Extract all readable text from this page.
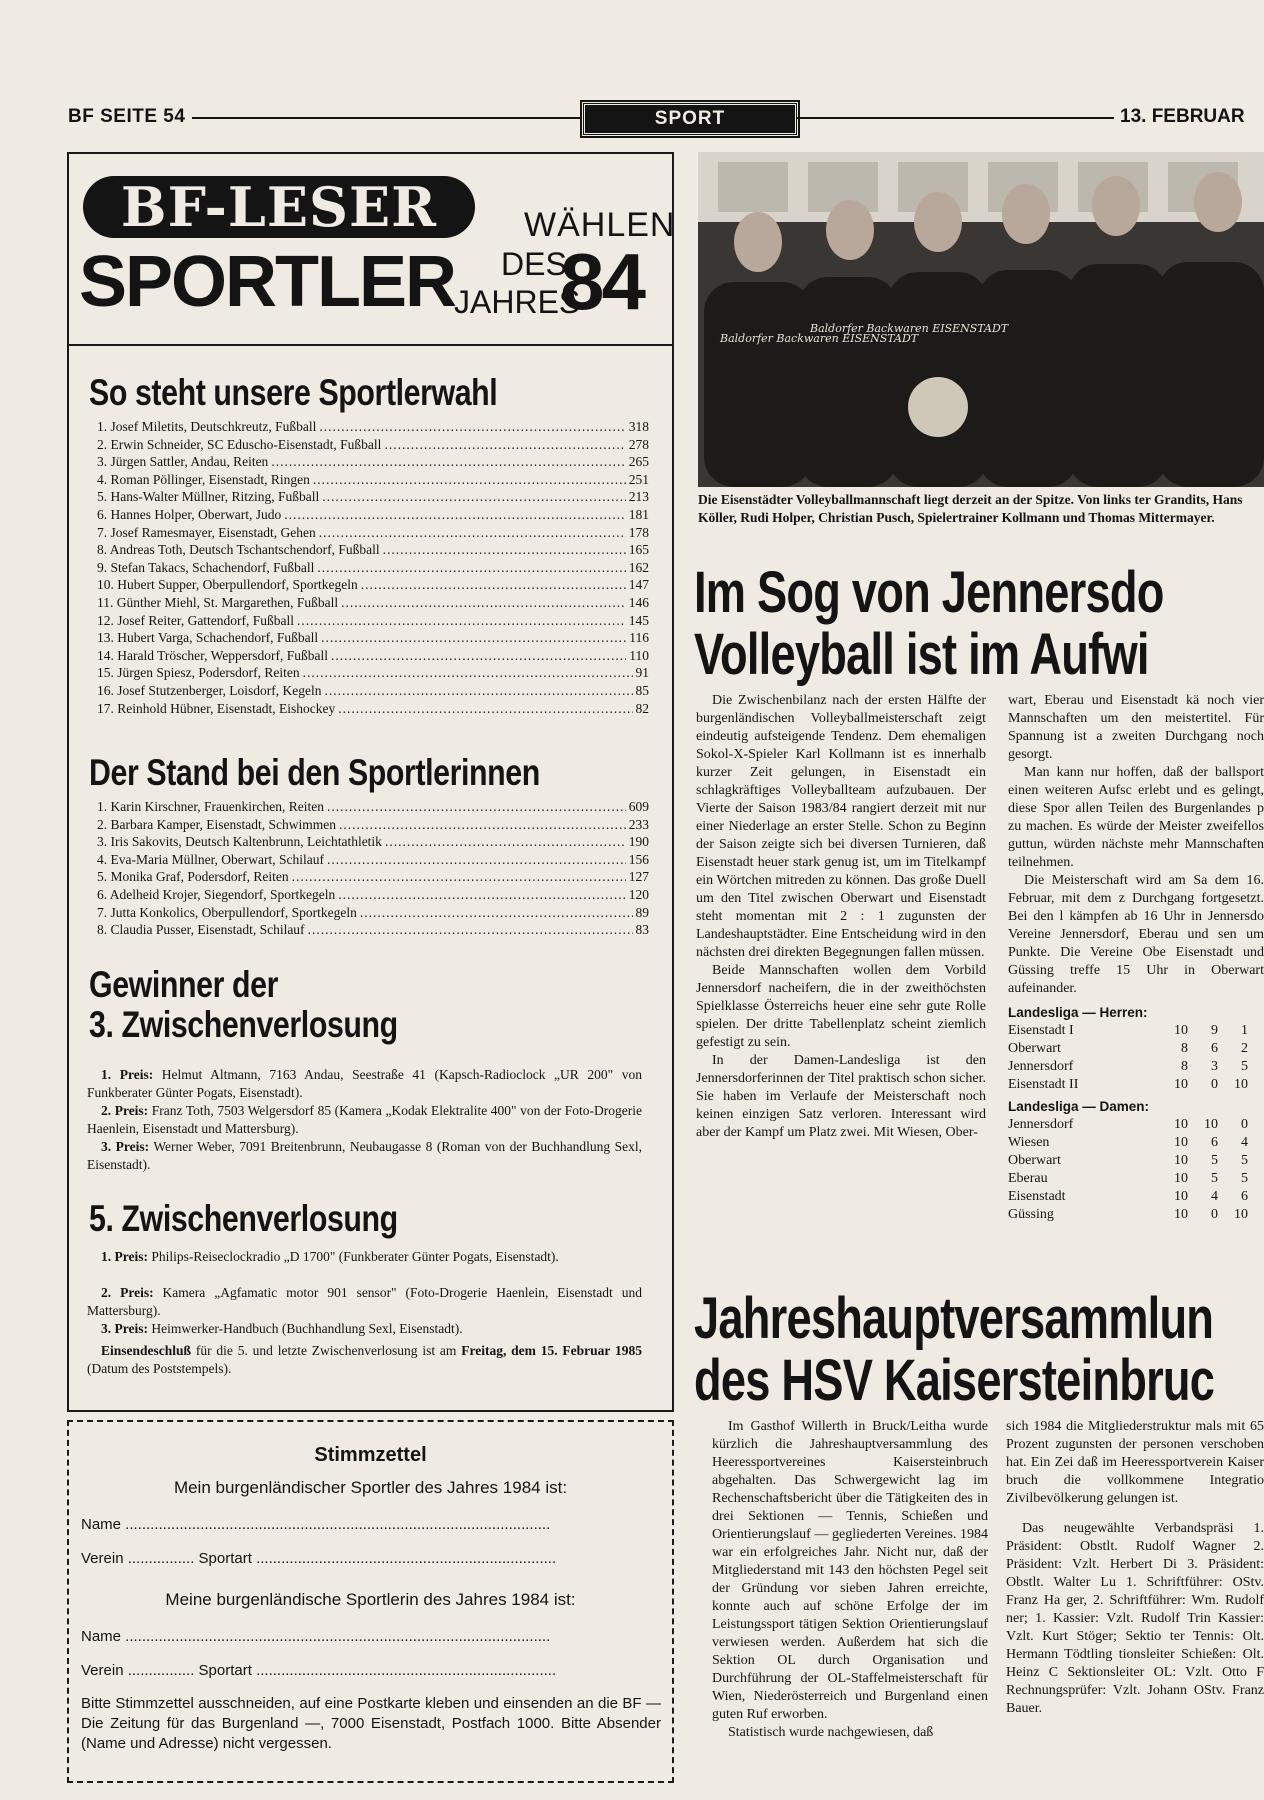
BF SEITE 54	SPORT	13. FEBRUAR
BF-LESER	WÄHLEN
SPORTLER DES
JAHRES
84
So steht unsere Sportlerwahl
1. Josef Miletits, Deutschkreutz, Fußball .....	318
2. Erwin Schneider, SC Eduscho-Eisenstadt, Fußball .....	278
3. Jürgen Sattler, Andau, Reiten .....	265
4. Roman Pöllinger, Eisenstadt, Ringen .....	251
5. Hans-Walter Müllner, Ritzing, Fußball .....	213
6. Hannes Holper, Oberwart, Judo .....	181
7. Josef Ramesmayer, Eisenstadt, Gehen .....	178
8. Andreas Toth, Deutsch Tschantschendorf, Fußball .....	165
9. Stefan Takacs, Schachendorf, Fußball .....	162
10. Hubert Supper, Oberpullendorf, Sportkegeln .....	147
11. Günther Miehl, St. Margarethen, Fußball .....	146
12. Josef Reiter, Gattendorf, Fußball .....	145
13. Hubert Varga, Schachendorf, Fußball .....	116
14. Harald Tröscher, Weppersdorf, Fußball .....	110
15. Jürgen Spiesz, Podersdorf, Reiten .....	91
16. Josef Stutzenberger, Loisdorf, Kegeln .....	85
17. Reinhold Hübner, Eisenstadt, Eishockey .....	82
Der Stand bei den Sportlerinnen
1. Karin Kirschner, Frauenkirchen, Reiten .....	609
2. Barbara Kamper, Eisenstadt, Schwimmen .....	233
3. Iris Sakovits, Deutsch Kaltenbrunn, Leichtathletik .....	190
4. Eva-Maria Müllner, Oberwart, Schilauf .....	156
5. Monika Graf, Podersdorf, Reiten .....	127
6. Adelheid Krojer, Siegendorf, Sportkegeln .....	120
7. Jutta Konkolics, Oberpullendorf, Sportkegeln .....	89
8. Claudia Pusser, Eisenstadt, Schilauf .....	83
Gewinner der
3. Zwischenverlosung

1. Preis: Helmut Altmann, 7163 Andau, Seestraße 41 (Kapsch-Radioclock „UR 200" von Funkberater Günter Pogats, Eisenstadt).

2. Preis: Franz Toth, 7503 Welgersdorf 85 (Kamera „Kodak Elektralite 400" von der Foto-Drogerie Haenlein, Eisenstadt und Mattersburg).

3. Preis: Werner Weber, 7091 Breitenbrunn, Neubaugasse 8 (Roman von der Buchhandlung Sexl, Eisenstadt).

5. Zwischenverlosung

1. Preis: Philips-Reiseclockradio „D 1700" (Funkberater Günter Pogats, Eisenstadt).

2. Preis: Kamera „Agfamatic motor 901 sensor" (Foto-Drogerie Haenlein, Eisenstadt und Mattersburg).

3. Preis: Heimwerker-Handbuch (Buchhandlung Sexl, Eisenstadt).

Einsendeschluß für die 5. und letzte Zwischenverlosung ist am Freitag, dem 15. Februar 1985 (Datum des Poststempels).

Stimmzettel
Mein burgenländischer Sportler des Jahres 1984 ist:
Name ......................................................................................................
Verein ................ Sportart ........................................................................
Meine burgenländische Sportlerin des Jahres 1984 ist:
Name ......................................................................................................
Verein ................ Sportart ........................................................................
Bitte Stimmzettel ausschneiden, auf eine Postkarte kleben und einsenden an die BF — Die Zeitung für das Burgenland —, 7000 Eisenstadt, Postfach 1000. Bitte Absender (Name und Adresse) nicht vergessen.
Baldorfer Backwaren EISENSTADT
Baldorfer Backwaren EISENSTADT
Die Eisenstädter Volleyballmannschaft liegt derzeit an der Spitze. Von links ter Grandits, Hans Köller, Rudi Holper, Christian Pusch, Spielertrainer Kollmann und Thomas Mittermayer.
Im Sog von Jennersdo
Volleyball ist im Aufwi

Die Zwischenbilanz nach der ersten Hälfte der burgenländischen Volleyballmeisterschaft zeigt eindeutig aufsteigende Tendenz. Dem ehemaligen Sokol-X-Spieler Karl Kollmann ist es innerhalb kurzer Zeit gelungen, in Eisenstadt ein schlagkräftiges Volleyballteam aufzubauen. Der Vierte der Saison 1983/84 rangiert derzeit mit nur einer Niederlage an erster Stelle. Schon zu Beginn der Saison zeigte sich bei diversen Turnieren, daß Eisenstadt heuer stark genug ist, um im Titelkampf ein Wörtchen mitreden zu können. Das große Duell um den Titel zwischen Oberwart und Eisenstadt steht momentan mit 2 : 1 zugunsten der Landeshauptstädter. Eine Entscheidung wird in den nächsten drei direkten Begegnungen fallen müssen.

Beide Mannschaften wollen dem Vorbild Jennersdorf nacheifern, die in der zweithöchsten Spielklasse Österreichs heuer eine sehr gute Rolle spielen. Der dritte Tabellenplatz scheint ziemlich gefestigt zu sein.

In der Damen-Landesliga ist den Jennersdorferinnen der Titel praktisch schon sicher. Sie haben im Verlaufe der Meisterschaft noch keinen einzigen Satz verloren. Interessant wird aber der Kampf um Platz zwei. Mit Wiesen, Ober-

wart, Eberau und Eisenstadt kä noch vier Mannschaften um den meistertitel. Für Spannung ist a zweiten Durchgang noch gesorgt.

Man kann nur hoffen, daß der ballsport einen weiteren Aufsc erlebt und es gelingt, diese Spor allen Teilen des Burgenlandes p zu machen. Es würde der Meister zweifellos guttun, würden nächste mehr Mannschaften teilnehmen.

Die Meisterschaft wird am Sa dem 16. Februar, mit dem z Durchgang fortgesetzt. Bei den l kämpfen ab 16 Uhr in Jennersdo Vereine Jennersdorf, Eberau und sen um Punkte. Die Vereine Obe Eisenstadt und Güssing treffe 15 Uhr in Oberwart aufeinander.

Landesliga — Herren:
Eisenstadt I	10	9	1
Oberwart	8	6	2
Jennersdorf	8	3	5
Eisenstadt II	10	0	10
Landesliga — Damen:
Jennersdorf	10	10	0
Wiesen	10	6	4
Oberwart	10	5	5
Eberau	10	5	5
Eisenstadt	10	4	6
Güssing	10	0	10
Jahreshauptversammlun
des HSV Kaisersteinbruc

Im Gasthof Willerth in Bruck/Leitha wurde kürzlich die Jahreshauptversammlung des Heeressportvereines Kaisersteinbruch abgehalten. Das Schwergewicht lag im Rechenschaftsbericht über die Tätigkeiten des in drei Sektionen — Tennis, Schießen und Orientierungslauf — gegliederten Vereines. 1984 war ein erfolgreiches Jahr. Nicht nur, daß der Mitgliederstand mit 143 den höchsten Pegel seit der Gründung vor sieben Jahren erreichte, konnte auch auf schöne Erfolge der im Leistungssport tätigen Sektion Orientierungslauf verwiesen werden. Außerdem hat sich die Sektion OL durch Organisation und Durchführung der OL-Staffelmeisterschaft für Wien, Niederösterreich und Burgenland einen guten Ruf erworben.

Statistisch wurde nachgewiesen, daß

sich 1984 die Mitgliederstruktur mals mit 65 Prozent zugunsten der personen verschoben hat. Ein Zei daß im Heeressportverein Kaiser bruch die vollkommene Integratio Zivilbevölkerung gelungen ist.

Das neugewählte Verbandspräsi 1. Präsident: Obstlt. Rudolf Wagner 2. Präsident: Vzlt. Herbert Di 3. Präsident: Obstlt. Walter Lu 1. Schriftführer: OStv. Franz Ha ger, 2. Schriftführer: Wm. Rudolf ner; 1. Kassier: Vzlt. Rudolf Trin Kassier: Vzlt. Kurt Stöger; Sektio ter Tennis: Olt. Hermann Tödtling tionsleiter Schießen: Olt. Heinz C Sektionsleiter OL: Vzlt. Otto F Rechnungsprüfer: Vzlt. Johann OStv. Franz Bauer.
